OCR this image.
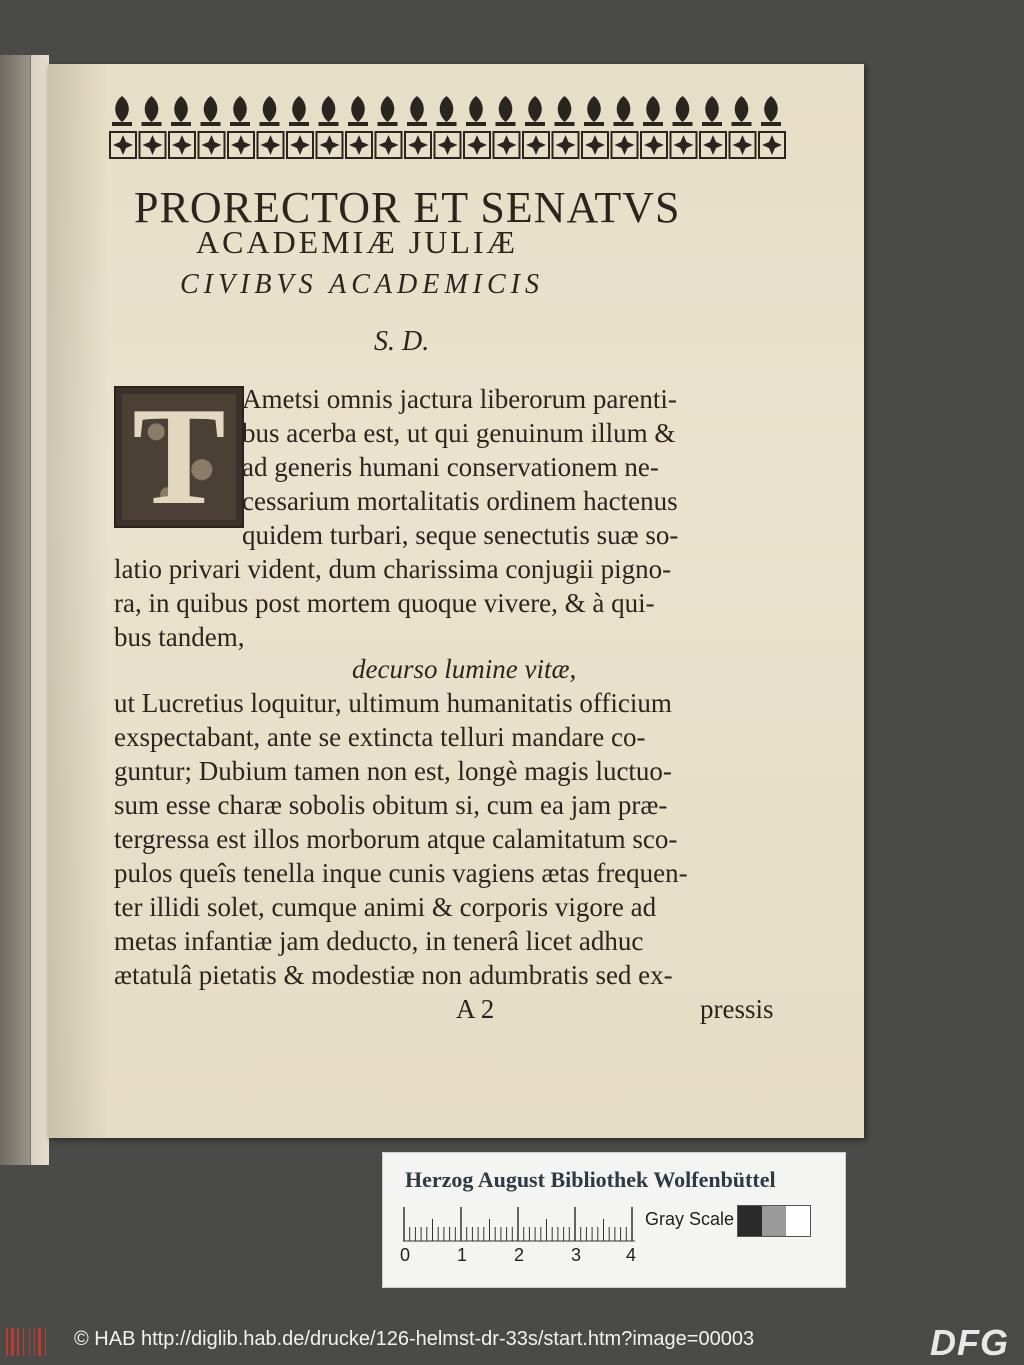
PRORECTOR ET SENATVS
ACADEMIÆ JULIÆ
CIVIBVS ACADEMICIS
S. D.
T Ametsi omnis jactura liberorum parenti-
bus acerba est, ut qui genuinum illum &
ad generis humani conservationem ne-
cessarium mortalitatis ordinem hactenus
quidem turbari, seque senectutis suæ so-
latio privari vident, dum charissima conjugii pigno-
ra, in quibus post mortem quoque vivere, & à qui-
bus tandem,
decurso lumine vitæ,
ut Lucretius loquitur, ultimum humanitatis officium
exspectabant, ante se extincta telluri mandare co-
guntur; Dubium tamen non est, longè magis luctuo-
sum esse charæ sobolis obitum si, cum ea jam præ-
tergressa est illos morborum atque calamitatum sco-
pulos queîs tenella inque cunis vagiens ætas frequen-
ter illidi solet, cumque animi & corporis vigore ad
metas infantiæ jam deducto, in tenerâ licet adhuc
ætatulâ pietatis & modestiæ non adumbratis sed ex-
A 2	pressis
Herzog August Bibliothek Wolfenbüttel
0	1	2	3 4
Gray Scale
© HAB http://diglib.hab.de/drucke/126-helmst-dr-33s/start.htm?image=00003	DFG
